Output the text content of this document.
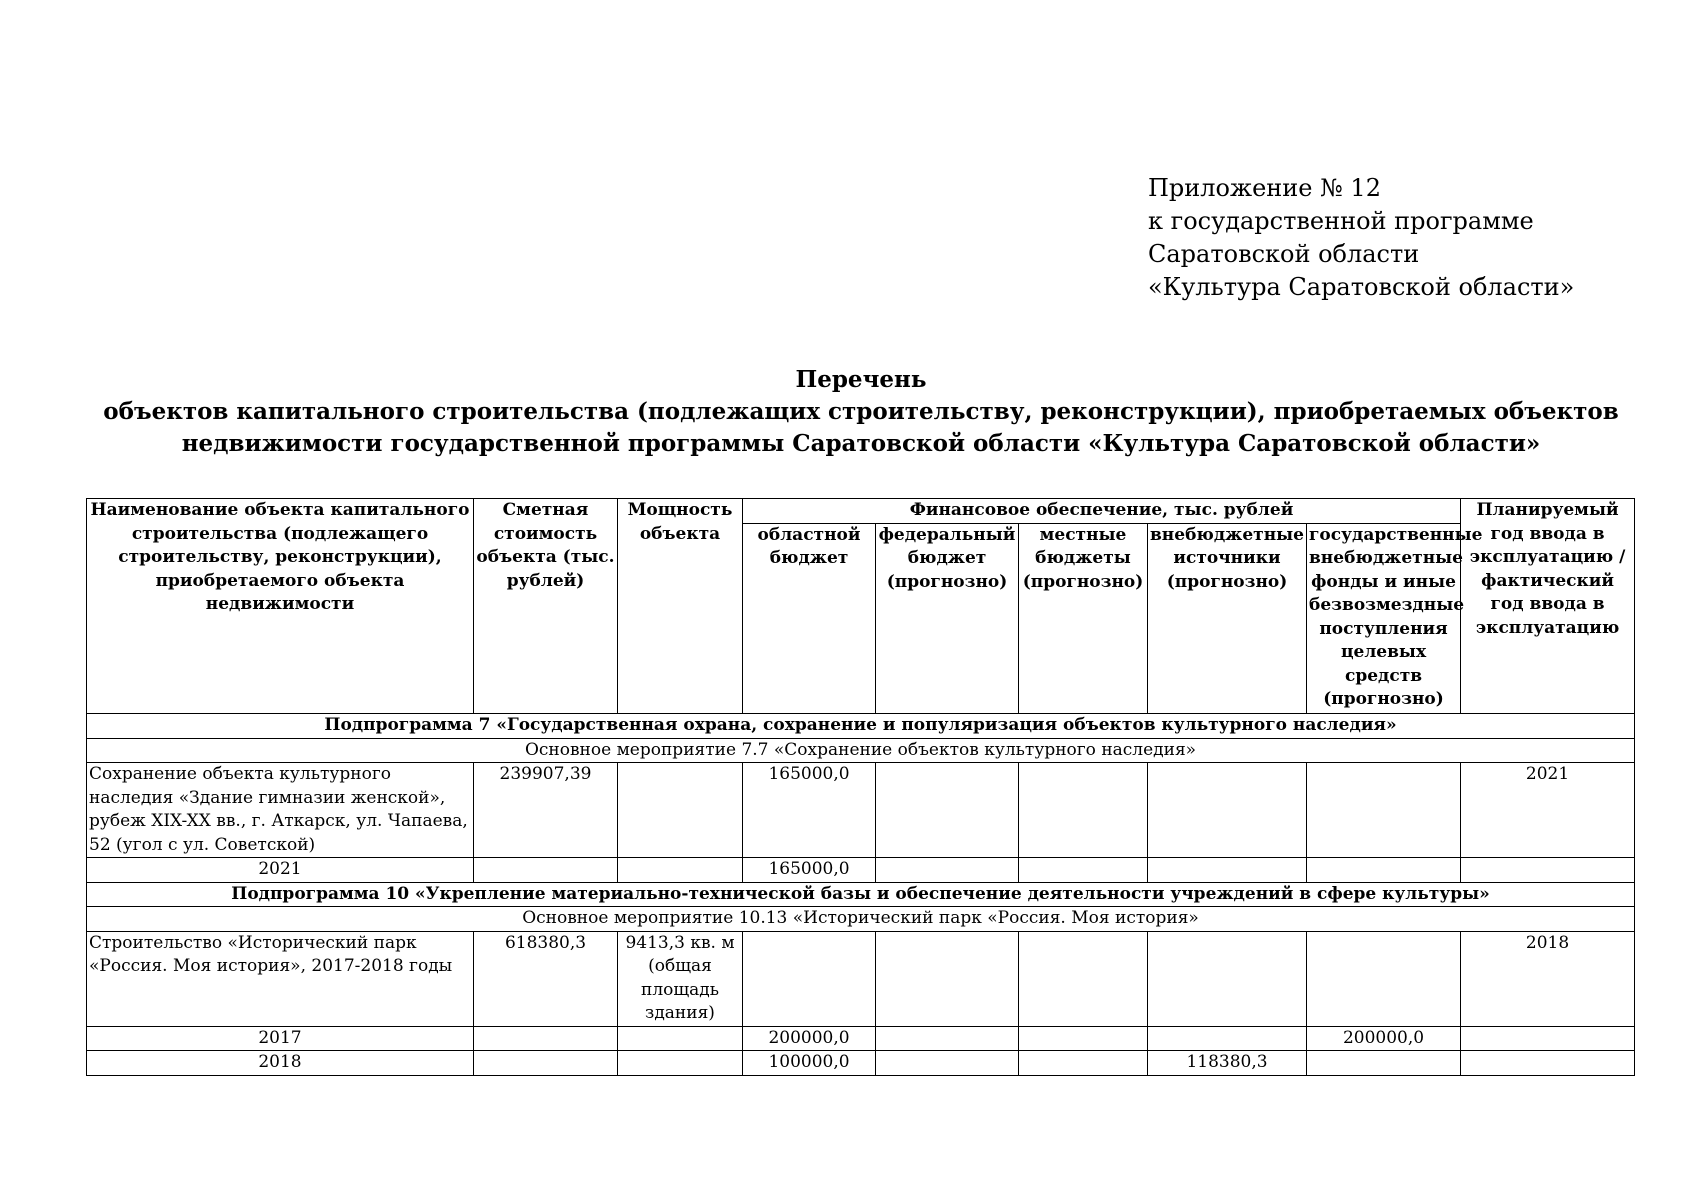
Приложение № 12
к государственной программе
Саратовской области
«Культура Саратовской области»
Перечень
объектов капитального строительства (подлежащих строительству, реконструкции), приобретаемых объектов
недвижимости государственной программы Саратовской области «Культура Саратовской области»
Наименование объекта капитального строительства (подлежащего строительству, реконструкции), приобретаемого объекта недвижимости	Сметная стоимость объекта (тыс. рублей)	Мощность объекта	Финансовое обеспечение, тыс. рублей					Планируемый год ввода в эксплуатацию / фактический год ввода в эксплуатацию
			областной бюджет	федеральный бюджет (прогнозно)	местные бюджеты (прогнозно)	внебюджетные источники (прогнозно)	государственные внебюджетные фонды и иные безвозмездные поступления целевых средств (прогнозно)	
Подпрограмма 7 «Государственная охрана, сохранение и популяризация объектов культурного наследия»								
Основное мероприятие 7.7 «Сохранение объектов культурного наследия»								
Сохранение объекта культурного наследия «Здание гимназии женской», рубеж XIX-XX вв., г. Аткарск, ул. Чапаева, 52 (угол с ул. Советской)	239907,39		165000,0					2021
2021			165000,0					
Подпрограмма 10 «Укрепление материально-технической базы и обеспечение деятельности учреждений в сфере культуры»								
Основное мероприятие 10.13 «Исторический парк «Россия. Моя история»								
Строительство «Исторический парк «Россия. Моя история», 2017-2018 годы	618380,3	9413,3 кв. м (общая площадь здания)						2018
2017			200000,0				200000,0	
2018			100000,0			118380,3		
